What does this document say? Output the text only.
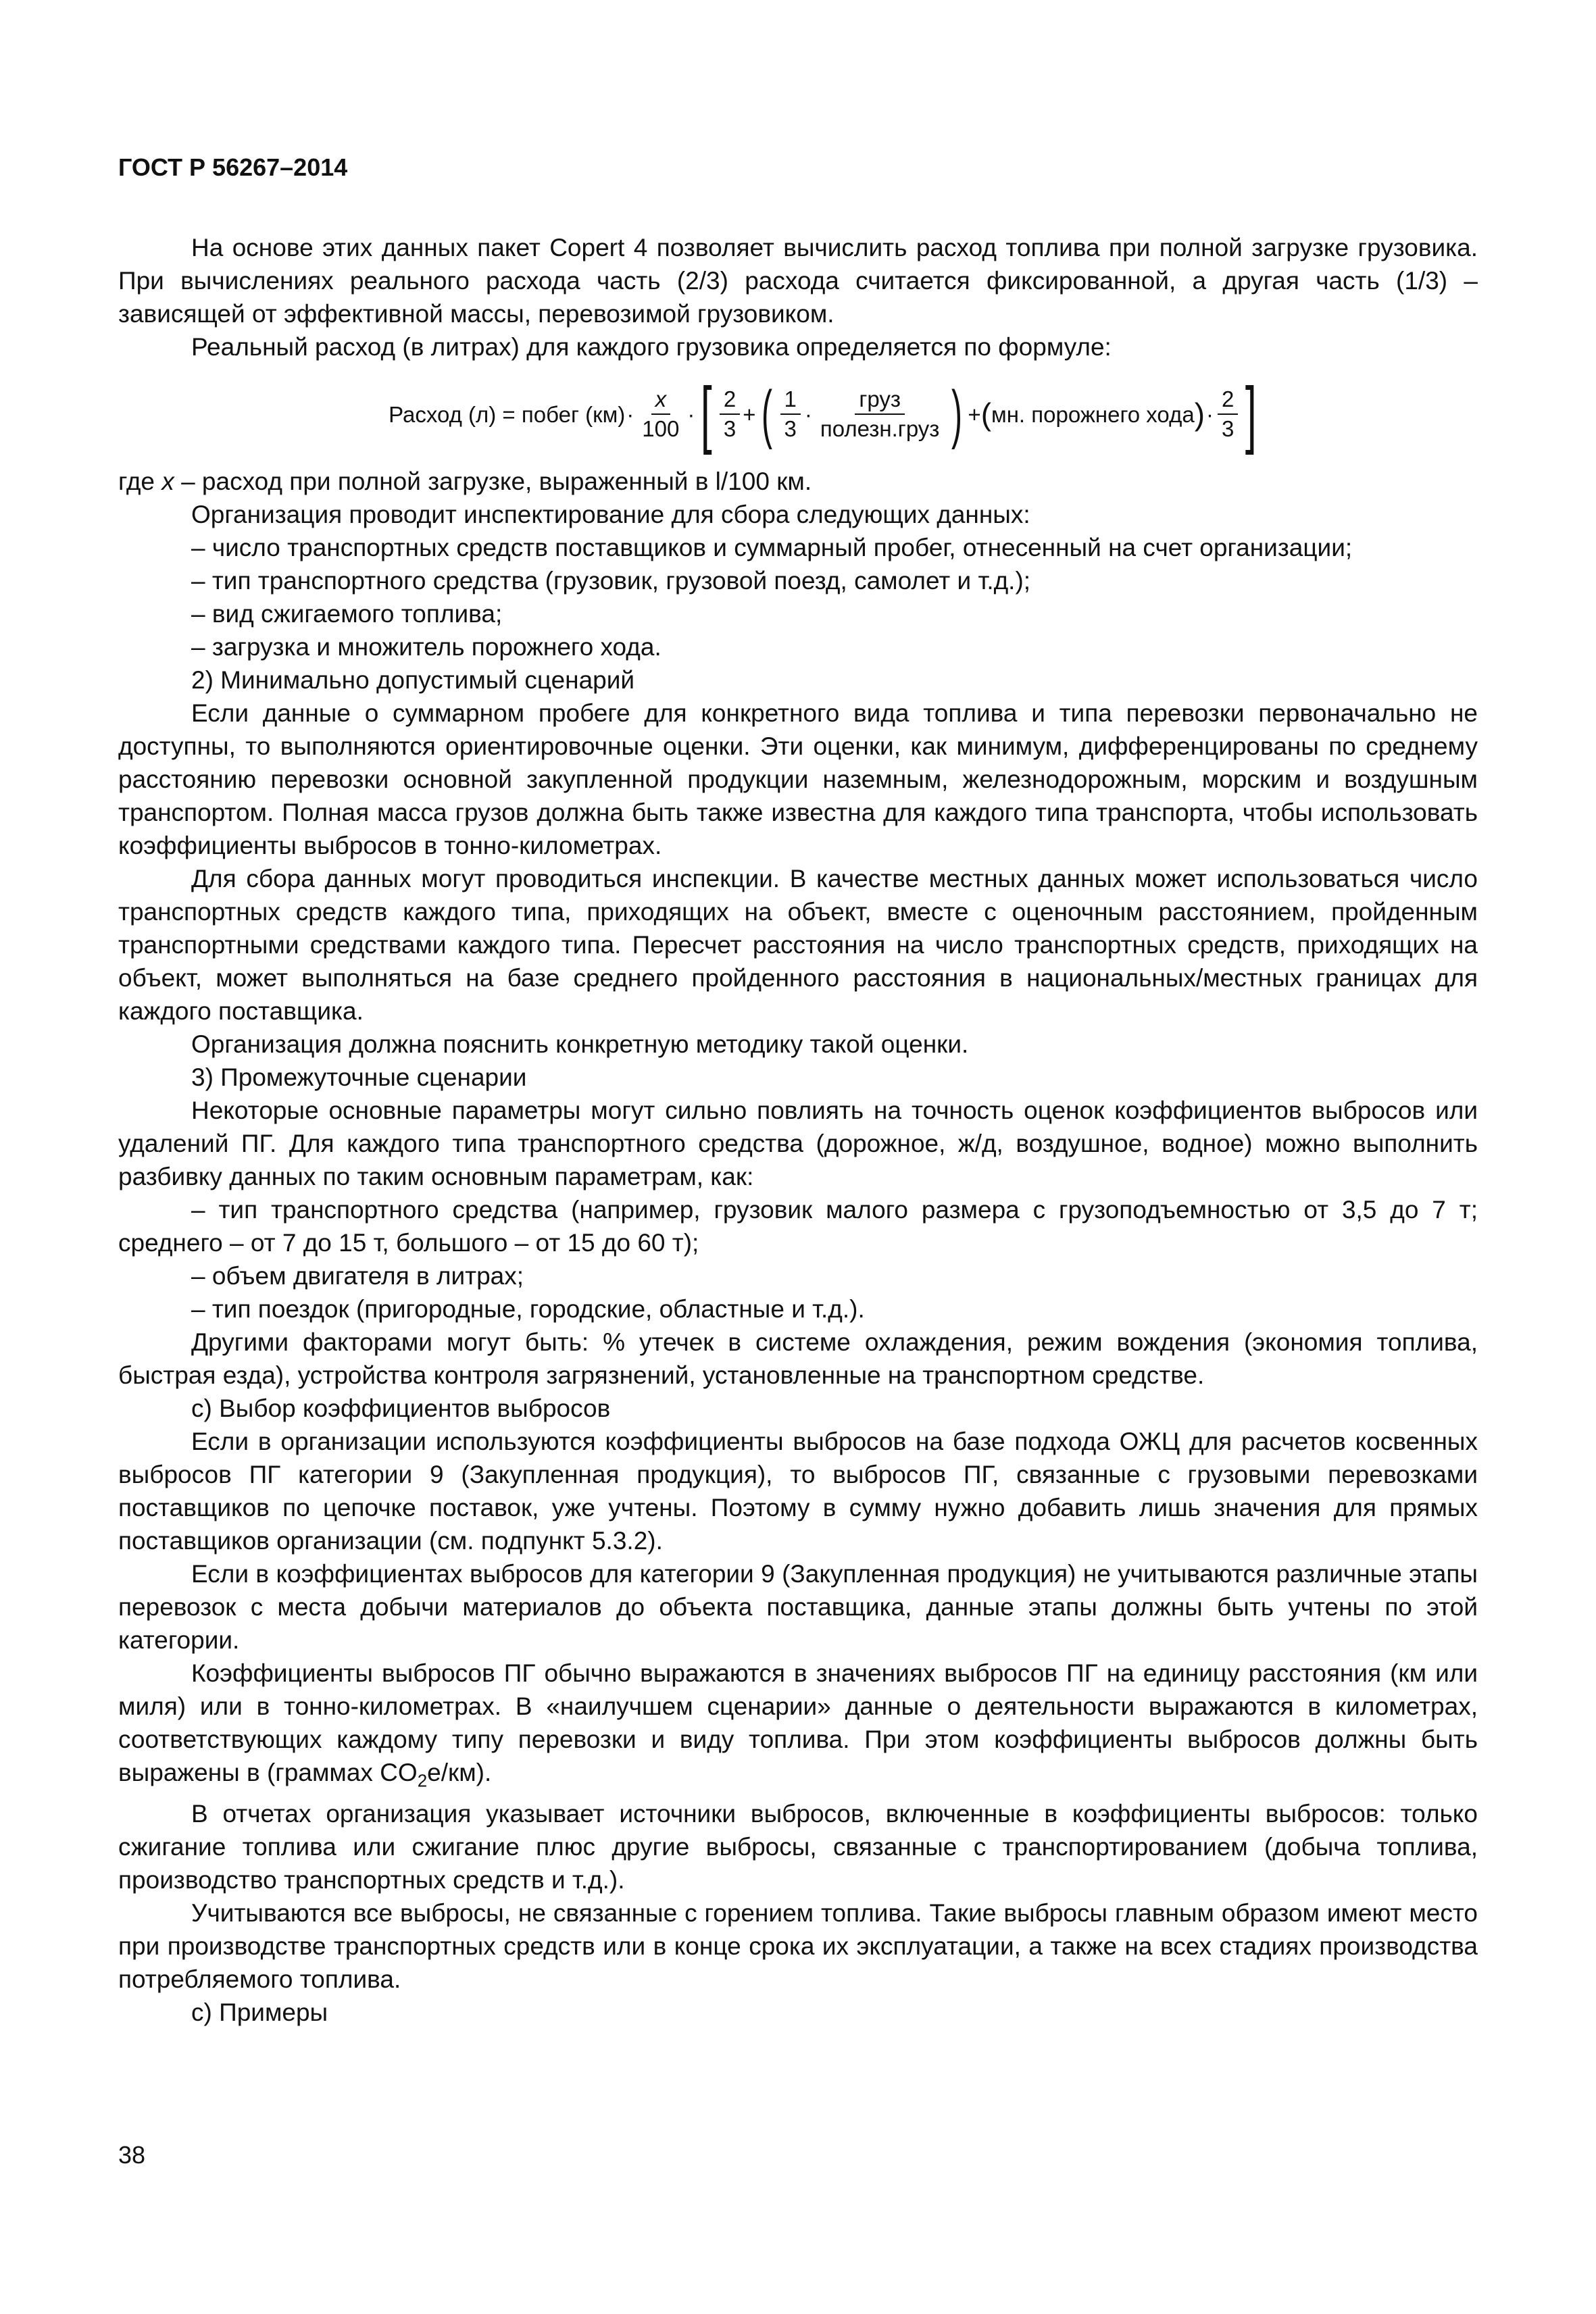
ГОСТ Р 56267–2014

На основе этих данных пакет Copert 4 позволяет вычислить расход топлива при полной загрузке грузовика. При вычислениях реального расхода часть (2/3) расхода считается фиксированной, а другая часть (1/3) – зависящей от эффективной массы, перевозимой грузовиком.

Реальный расход (в литрах) для каждого грузовика определяется по формуле:

Расход (л) = побег $(км) \cdot \frac{x}{100}$ · [ $\frac{2}{3}$ + ( $\frac{1}{3} \cdot \frac{\text{груз}}{\text{полезн.груз}}$ ) + ( мн. порожнего хода ) · $\frac{2}{3}$ ]

где x – расход при полной загрузке, выраженный в l/100 км.

Организация проводит инспектирование для сбора следующих данных:

– число транспортных средств поставщиков и суммарный пробег, отнесенный на счет организации;

– тип транспортного средства (грузовик, грузовой поезд, самолет и т.д.);

– вид сжигаемого топлива;

– загрузка и множитель порожнего хода.

2) Минимально допустимый сценарий

Если данные о суммарном пробеге для конкретного вида топлива и типа перевозки первоначально не доступны, то выполняются ориентировочные оценки. Эти оценки, как минимум, дифференцированы по среднему расстоянию перевозки основной закупленной продукции наземным, железнодорожным, морским и воздушным транспортом. Полная масса грузов должна быть также известна для каждого типа транспорта, чтобы использовать коэффициенты выбросов в тонно-километрах.

Для сбора данных могут проводиться инспекции. В качестве местных данных может использоваться число транспортных средств каждого типа, приходящих на объект, вместе с оценочным расстоянием, пройденным транспортными средствами каждого типа. Пересчет расстояния на число транспортных средств, приходящих на объект, может выполняться на базе среднего пройденного расстояния в национальных/местных границах для каждого поставщика.

Организация должна пояснить конкретную методику такой оценки.

3) Промежуточные сценарии

Некоторые основные параметры могут сильно повлиять на точность оценок коэффициентов выбросов или удалений ПГ. Для каждого типа транспортного средства (дорожное, ж/д, воздушное, водное) можно выполнить разбивку данных по таким основным параметрам, как:

– тип транспортного средства (например, грузовик малого размера с грузоподъемностью от 3,5 до 7 т; среднего – от 7 до 15 т, большого – от 15 до 60 т);

– объем двигателя в литрах;

– тип поездок (пригородные, городские, областные и т.д.).

Другими факторами могут быть: % утечек в системе охлаждения, режим вождения (экономия топлива, быстрая езда), устройства контроля загрязнений, установленные на транспортном средстве.

c) Выбор коэффициентов выбросов

Если в организации используются коэффициенты выбросов на базе подхода ОЖЦ для расчетов косвенных выбросов ПГ категории 9 (Закупленная продукция), то выбросов ПГ, связанные с грузовыми перевозками поставщиков по цепочке поставок, уже учтены. Поэтому в сумму нужно добавить лишь значения для прямых поставщиков организации (см. подпункт 5.3.2).

Если в коэффициентах выбросов для категории 9 (Закупленная продукция) не учитываются различные этапы перевозок с места добычи материалов до объекта поставщика, данные этапы должны быть учтены по этой категории.

Коэффициенты выбросов ПГ обычно выражаются в значениях выбросов ПГ на единицу расстояния (км или миля) или в тонно-километрах. В «наилучшем сценарии» данные о деятельности выражаются в километрах, соответствующих каждому типу перевозки и виду топлива. При этом коэффициенты выбросов должны быть выражены в (граммах $CO_2e/км$).

В отчетах организация указывает источники выбросов, включенные в коэффициенты выбросов: только сжигание топлива или сжигание плюс другие выбросы, связанные с транспортированием (добыча топлива, производство транспортных средств и т.д.).

Учитываются все выбросы, не связанные с горением топлива. Такие выбросы главным образом имеют место при производстве транспортных средств или в конце срока их эксплуатации, а также на всех стадиях производства потребляемого топлива.

c) Примеры

38
